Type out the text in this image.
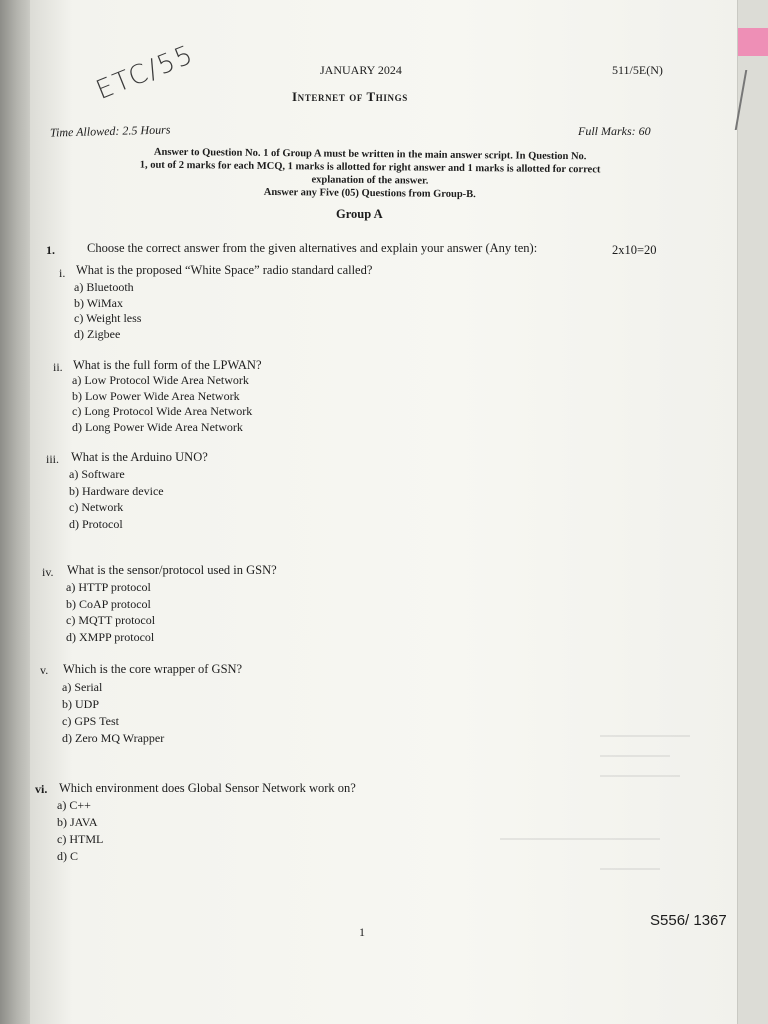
ETC/55	JANUARY 2024	511/5E(N)
Internet of Things
Time Allowed: 2.5 Hours	Full Marks: 60
Answer to Question No. 1 of Group A must be written in the main answer script. In Question No.
1, out of 2 marks for each MCQ, 1 marks is allotted for right answer and 1 marks is allotted for correct
explanation of the answer.
Answer any Five (05) Questions from Group-B.
Group A
1.	Choose the correct answer from the given alternatives and explain your answer (Any ten):	2x10=20
i. What is the proposed “White Space” radio standard called?
a) Bluetooth
b) WiMax
c) Weight less
d) Zigbee
ii. What is the full form of the LPWAN?
a) Low Protocol Wide Area Network
b) Low Power Wide Area Network
c) Long Protocol Wide Area Network
d) Long Power Wide Area Network
iii. What is the Arduino UNO?
a) Software
b) Hardware device
c) Network
d) Protocol
iv. What is the sensor/protocol used in GSN?
a) HTTP protocol
b) CoAP protocol
c) MQTT protocol
d) XMPP protocol
v. Which is the core wrapper of GSN?
a) Serial
b) UDP
c) GPS Test
d) Zero MQ Wrapper
vi. Which environment does Global Sensor Network work on?
a) C++
b) JAVA
c) HTML
d) C
1
S556/ 1367
